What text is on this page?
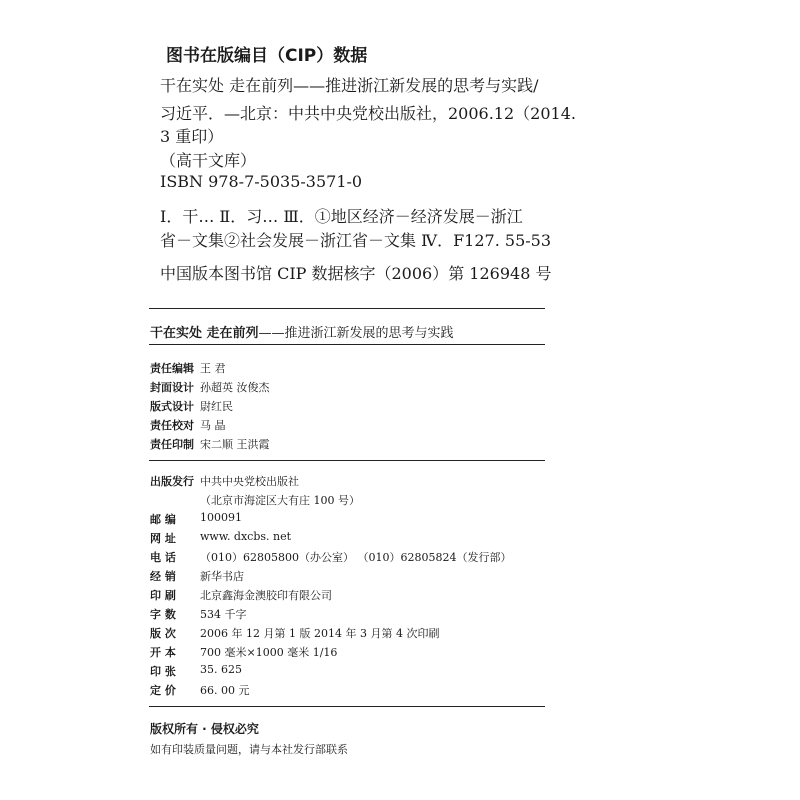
图书在版编目（CIP）数据
干在实处 走在前列——推进浙江新发展的思考与实践/
习近平．—北京：中共中央党校出版社，2006.12（2014.
3 重印）
（高干文库）
ISBN 978-7-5035-3571-0
Ⅰ．干… Ⅱ．习… Ⅲ．①地区经济－经济发展－浙江
省－文集②社会发展－浙江省－文集 Ⅳ．F127. 55-53
中国版本图书馆 CIP 数据核字（2006）第 126948 号
干在实处 走在前列——推进浙江新发展的思考与实践
责任编辑 王 君
封面设计 孙超英 汝俊杰
版式设计 尉红民
责任校对 马 晶
责任印制 宋二顺 王洪霞
出版发行 中共中央党校出版社
（北京市海淀区大有庄 100 号）
邮 编 100091
网 址 www. dxcbs. net
电 话 （010）62805800（办公室） （010）62805824（发行部）
经 销 新华书店
印 刷 北京鑫海金澳胶印有限公司
字 数 534 千字
版 次 2006 年 12 月第 1 版 2014 年 3 月第 4 次印刷
开 本 700 毫米×1000 毫米 1/16
印 张 35. 625
定 价 66. 00 元
版权所有 · 侵权必究
如有印装质量问题，请与本社发行部联系
